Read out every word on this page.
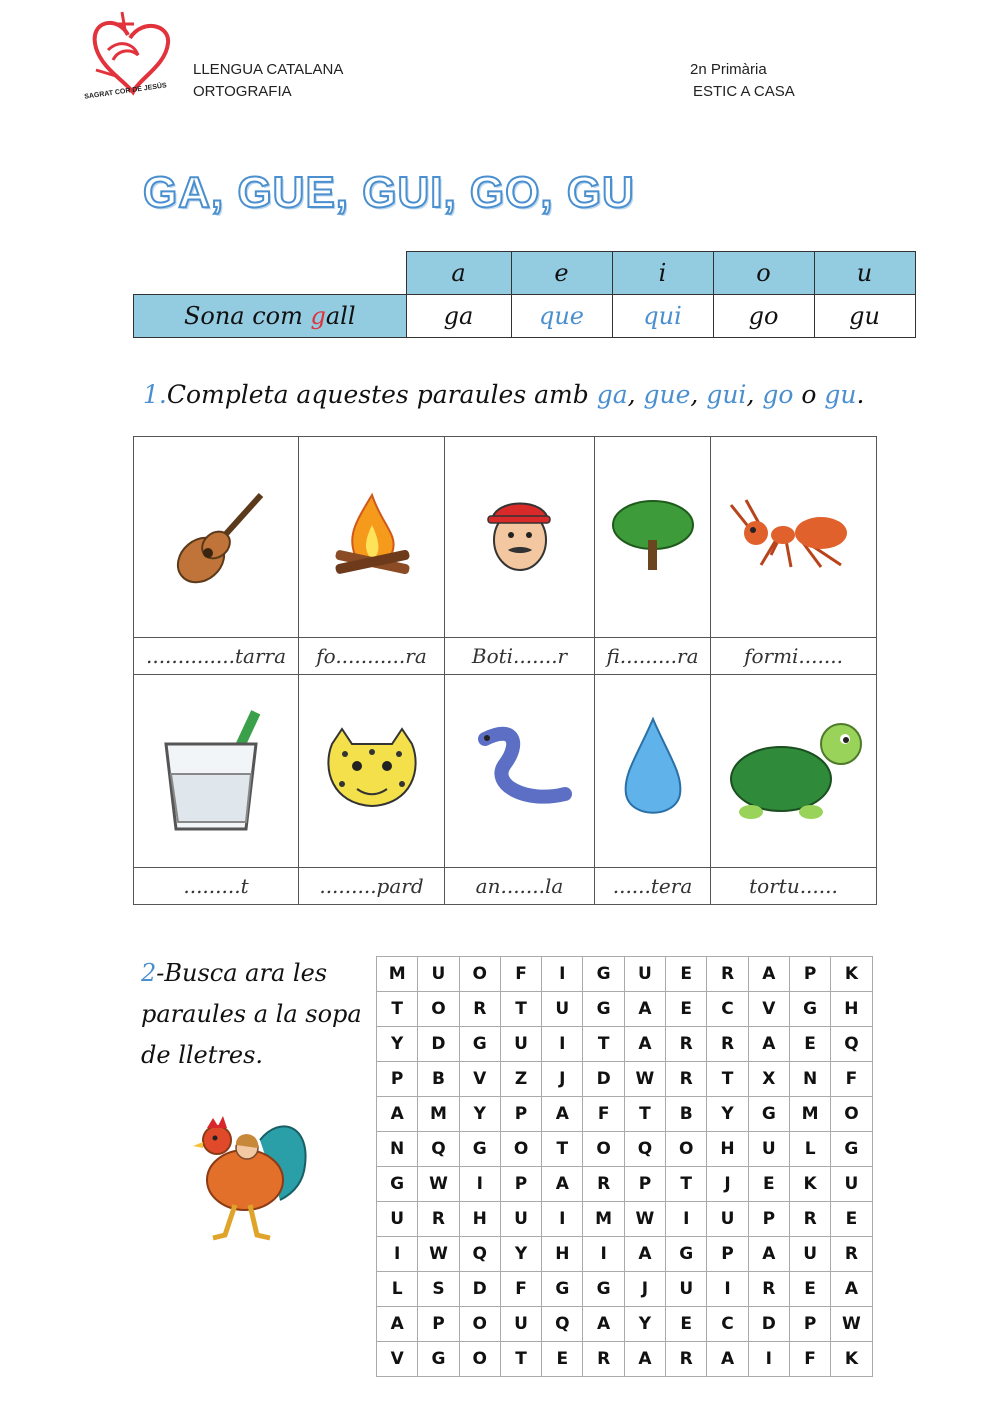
SAGRAT COR DE JESÚS
LLENGUA CATALANA
ORTOGRAFIA
2n Primària
ESTIC A CASA
GA, GUE, GUI, GO, GU
	a	e	i	o	u
Sona com gall	ga	que	qui	go	gu
1.Completa aquestes paraules amb ga, gue, gui, go o gu.

..............tarra	fo...........ra	Boti.......r	fi.........ra	formi.......

.........t	.........pard	an.......la	......tera	tortu......
2-Busca ara les paraules a la sopa de lletres.
M	U	O	F	I	G	U	E	R	A	P	K
T	O	R	T	U	G	A	E	C	V	G	H
Y	D	G	U	I	T	A	R	R	A	E	Q
P	B	V	Z	J	D	W	R	T	X	N	F
A	M	Y	P	A	F	T	B	Y	G	M	O
N	Q	G	O	T	O	Q	O	H	U	L	G
G	W	I	P	A	R	P	T	J	E	K	U
U	R	H	U	I	M	W	I	U	P	R	E
I	W	Q	Y	H	I	A	G	P	A	U	R
L	S	D	F	G	G	J	U	I	R	E	A
A	P	O	U	Q	A	Y	E	C	D	P	W
V	G	O	T	E	R	A	R	A	I	F	K
